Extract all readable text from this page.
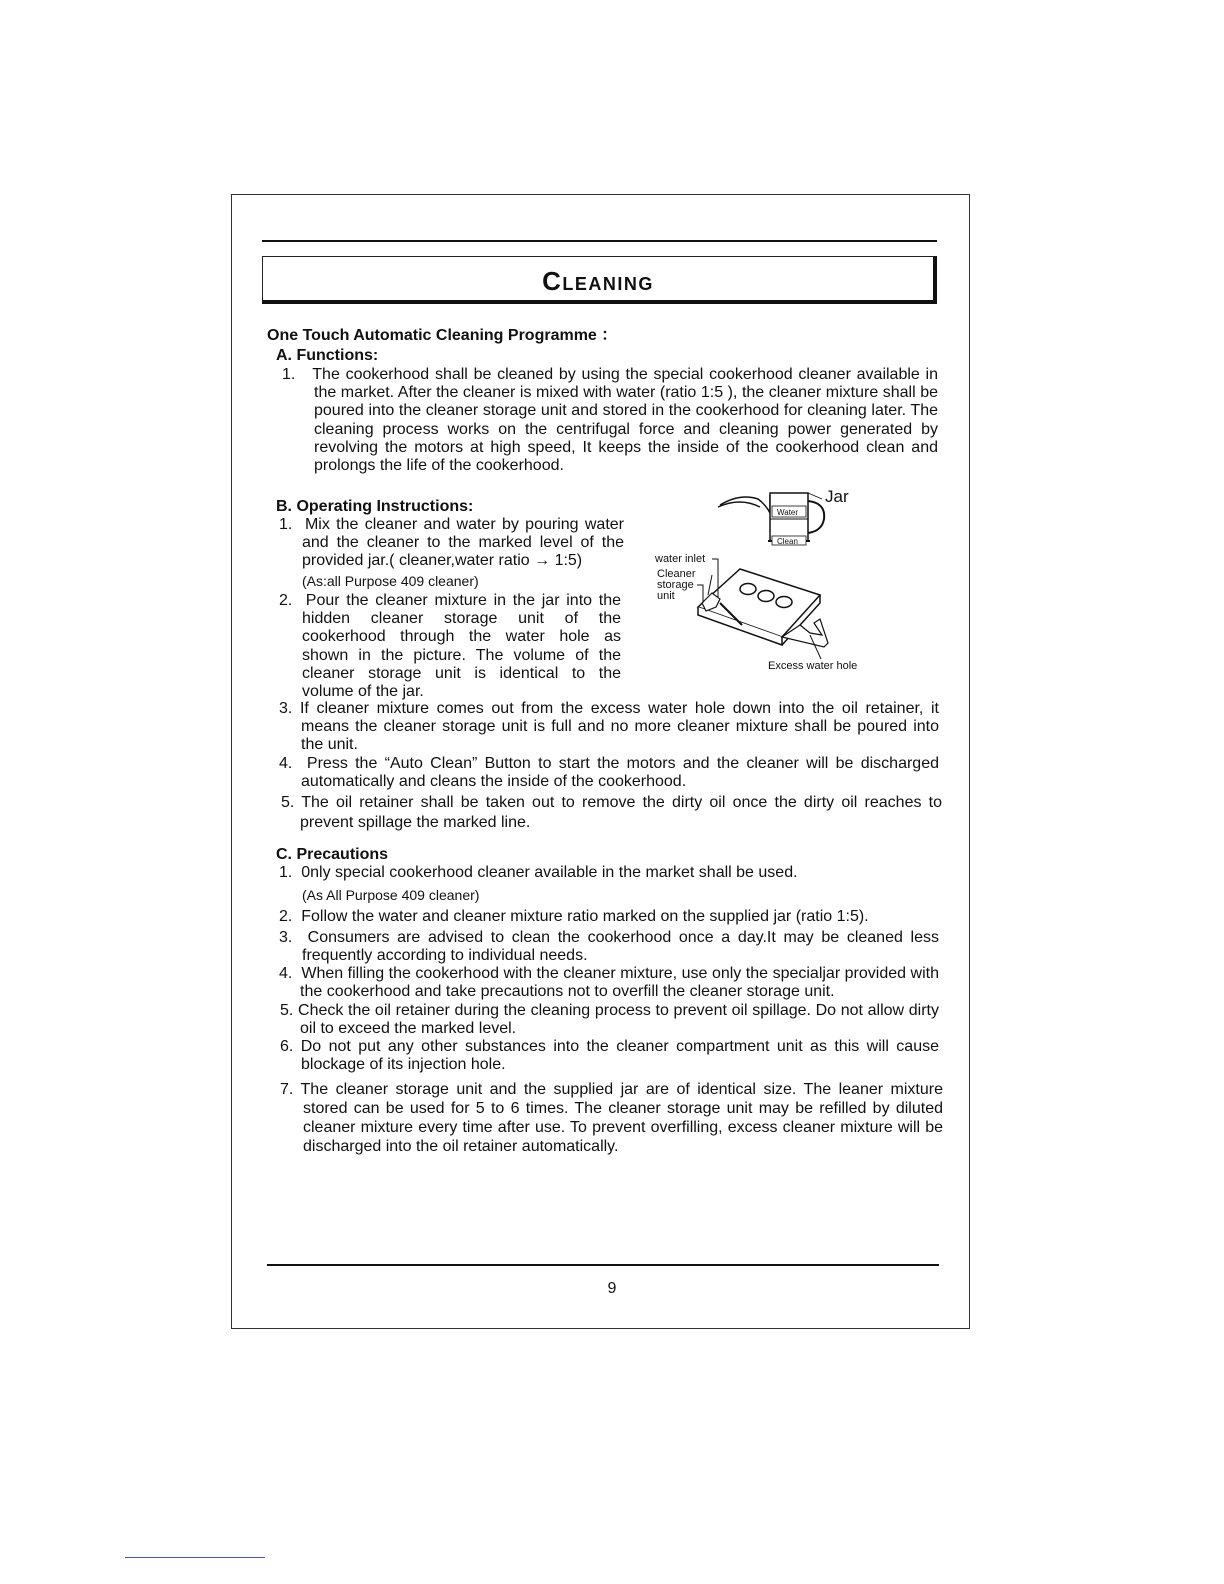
CLEANING
One Touch Automatic Cleaning Programme ：
A. Functions:
1.   The cookerhood shall be cleaned by using the special cookerhood cleaner available in the market. After the cleaner is mixed with water (ratio 1:5 ), the cleaner mixture shall be poured into the cleaner storage unit and stored in the cookerhood for cleaning later. The cleaning process works on the centrifugal force and cleaning power generated by revolving the motors at high speed, It keeps the inside of the cookerhood clean and prolongs the life of the cookerhood.
B. Operating Instructions:
1.  Mix the cleaner and water by pouring water and the cleaner to the marked level of the provided jar.( cleaner,water ratio → 1:5)
(As:all Purpose 409 cleaner)
2.  Pour the cleaner mixture in the jar into the hidden cleaner storage unit of the cookerhood through the water hole as shown in the picture. The volume of the cleaner storage unit is identical to the volume of the jar.
3. If cleaner mixture comes out from the excess water hole down into the oil retainer, it means the cleaner storage unit is full and no more cleaner mixture shall be poured into the unit.
4.  Press the “Auto Clean” Button to start the motors and the cleaner will be discharged automatically and cleans the inside of the cookerhood.
5. The oil retainer shall be taken out to remove the dirty oil once the dirty oil reaches to prevent spillage the marked line.
Jar
Water
Clean
water inlet
Cleaner
storage
unit
Excess water hole
C. Precautions
1.  0nly special cookerhood cleaner available in the market shall be used.
(As All Purpose 409 cleaner)
2.  Follow the water and cleaner mixture ratio marked on the supplied jar (ratio 1:5).
3.  Consumers are advised to clean the cookerhood once a day.It may be cleaned less frequently according to individual needs.
4.  When filling the cookerhood with the cleaner mixture, use only the specialjar provided with the cookerhood and take precautions not to overfill the cleaner storage unit.
5. Check the oil retainer during the cleaning process to prevent oil spillage. Do not allow dirty oil to exceed the marked level.
6. Do not put any other substances into the cleaner compartment unit as this will cause blockage of its injection hole.
7. The cleaner storage unit and the supplied jar are of identical size. The leaner mixture stored can be used for 5 to 6 times. The cleaner storage unit may be refilled by diluted cleaner mixture every time after use. To prevent overfilling, excess cleaner mixture will be discharged into the oil retainer automatically.
9
